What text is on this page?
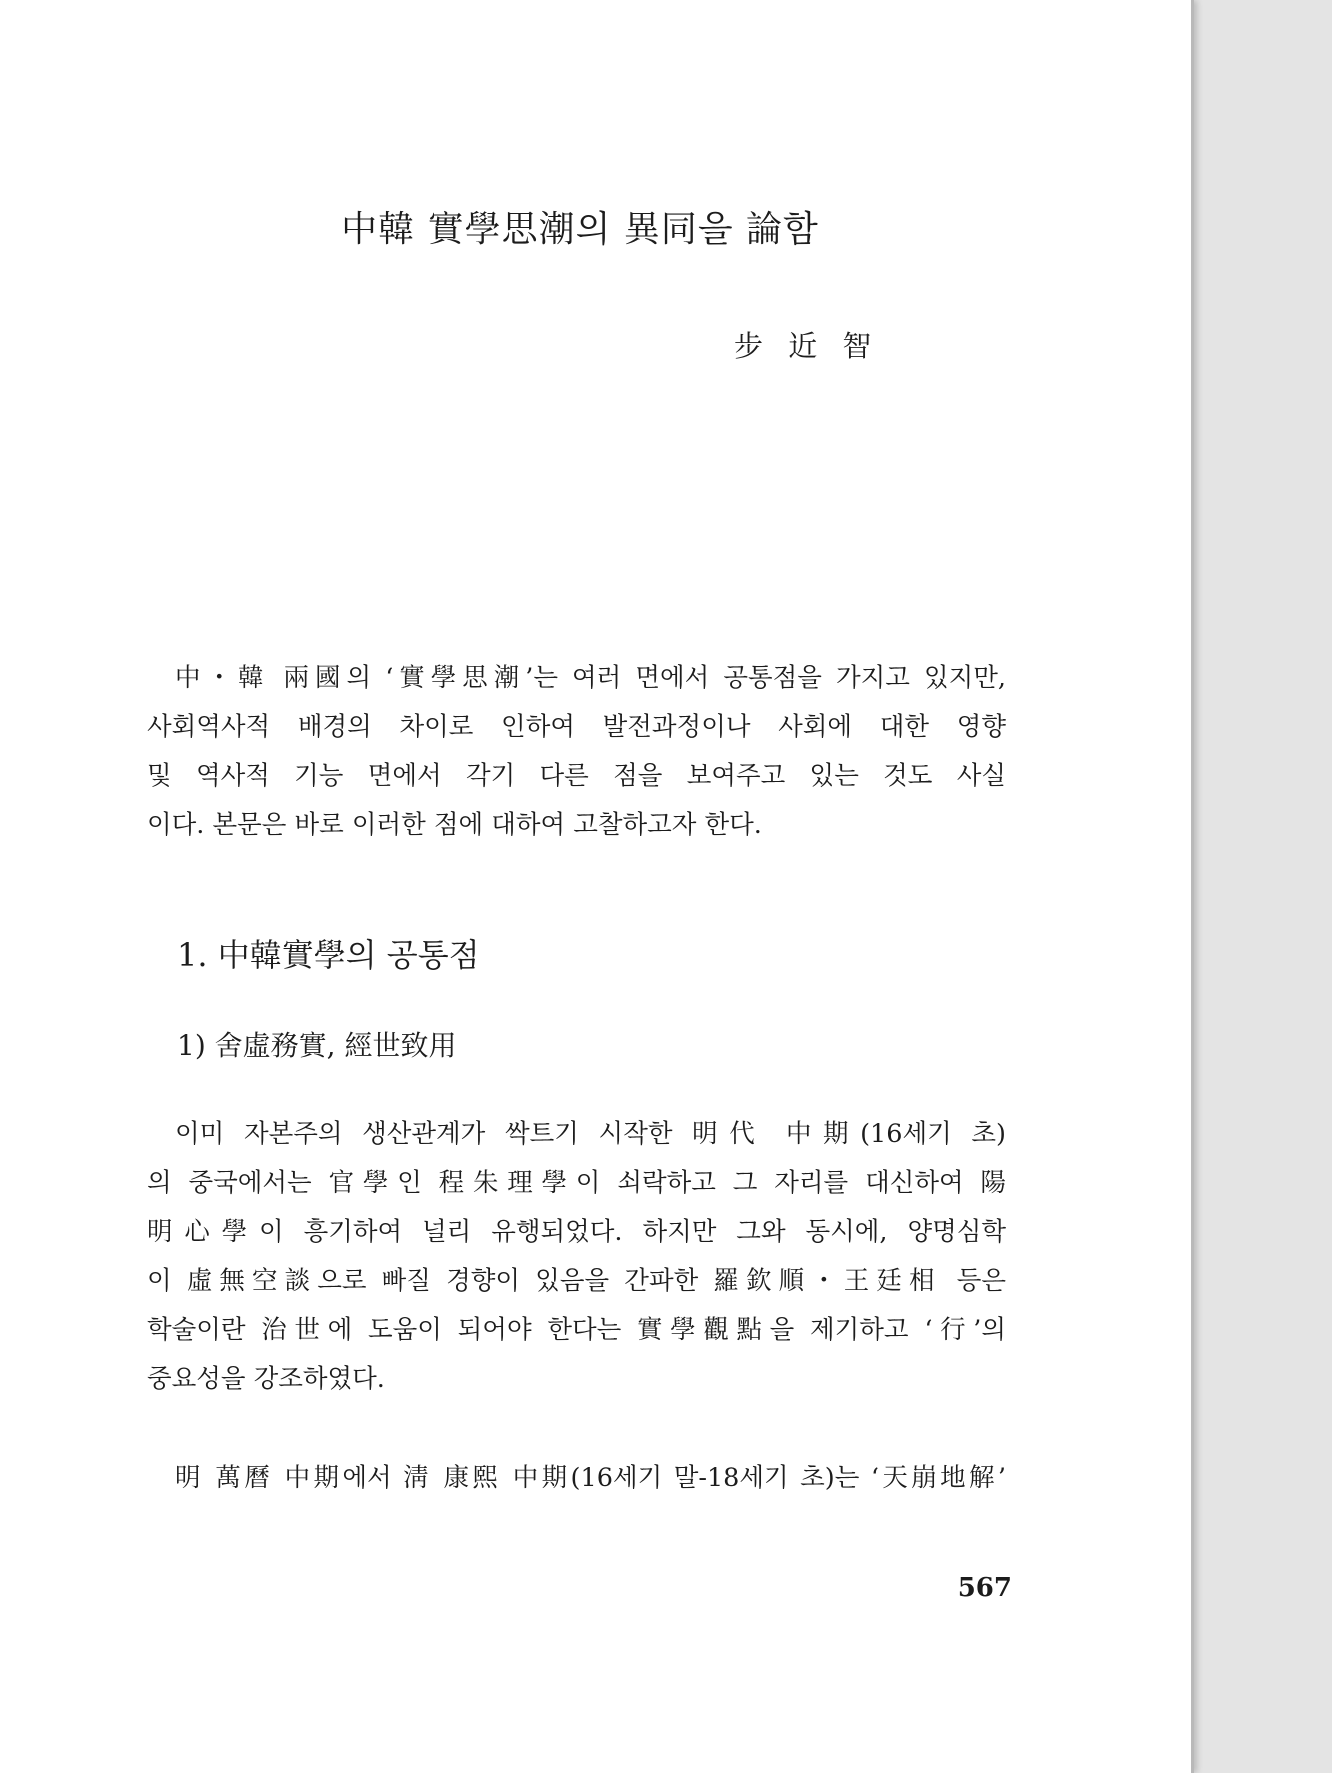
中韓 實學思潮의 異同을 論함
步 近 智
中・韓 兩國의 ‘實學思潮’는 여러 면에서 공통점을 가지고 있지만,
사회역사적 배경의 차이로 인하여 발전과정이나 사회에 대한 영향
및 역사적 기능 면에서 각기 다른 점을 보여주고 있는 것도 사실
이다. 본문은 바로 이러한 점에 대하여 고찰하고자 한다.
1. 中韓實學의 공통점
1) 舍虛務實, 經世致用
이미 자본주의 생산관계가 싹트기 시작한 明代 中期(16세기 초)
의 중국에서는 官學인 程朱理學이 쇠락하고 그 자리를 대신하여 陽
明心學이 흥기하여 널리 유행되었다. 하지만 그와 동시에, 양명심학
이 虛無空談으로 빠질 경향이 있음을 간파한 羅欽順・王廷相 등은
학술이란 治世에 도움이 되어야 한다는 實學觀點을 제기하고 ‘行’의
중요성을 강조하였다.
明 萬曆 中期에서 淸 康熙 中期(16세기 말-18세기 초)는 ‘天崩地解’
567
